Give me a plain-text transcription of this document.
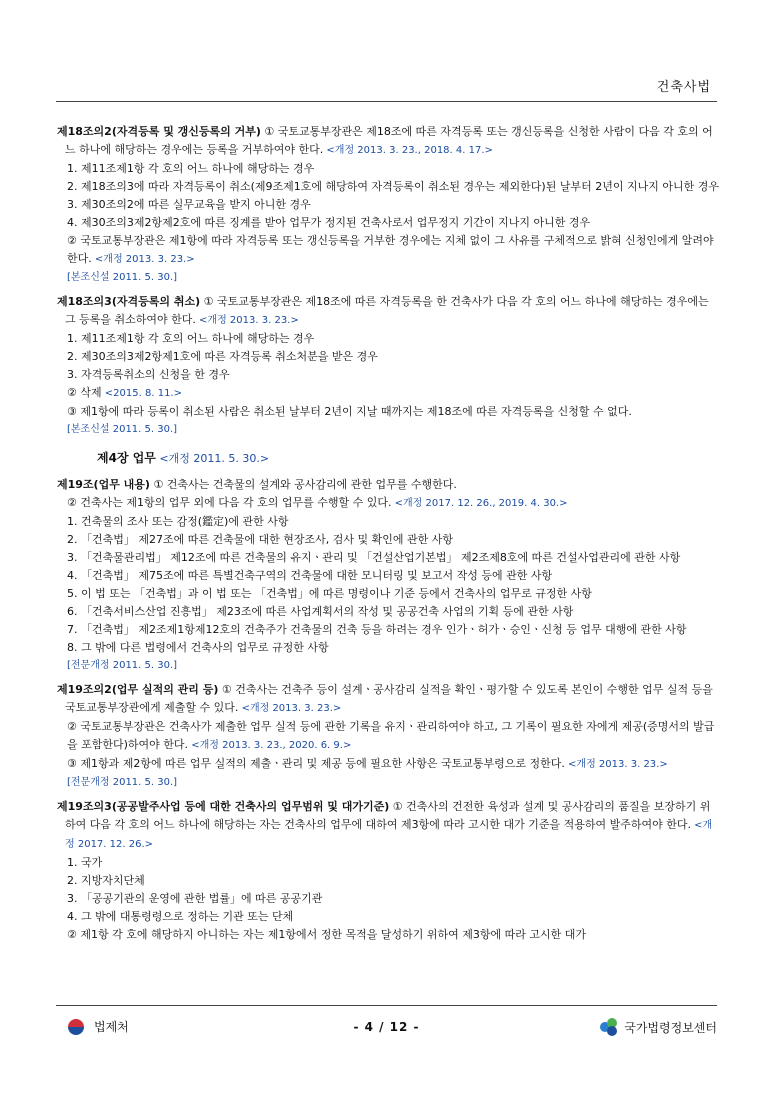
건축사법
제18조의2(자격등록 및 갱신등록의 거부) ① 국토교통부장관은 제18조에 따른 자격등록 또는 갱신등록을 신청한 사람이 다음 각 호의 어느 하나에 해당하는 경우에는 등록을 거부하여야 한다. <개정 2013. 3. 23., 2018. 4. 17.>
1. 제11조제1항 각 호의 어느 하나에 해당하는 경우
2. 제18조의3에 따라 자격등록이 취소(제9조제1호에 해당하여 자격등록이 취소된 경우는 제외한다)된 날부터 2년이 지나지 아니한 경우
3. 제30조의2에 따른 실무교육을 받지 아니한 경우
4. 제30조의3제2항제2호에 따른 징계를 받아 업무가 정지된 건축사로서 업무정지 기간이 지나지 아니한 경우
② 국토교통부장관은 제1항에 따라 자격등록 또는 갱신등록을 거부한 경우에는 지체 없이 그 사유를 구체적으로 밝혀 신청인에게 알려야 한다. <개정 2013. 3. 23.>
[본조신설 2011. 5. 30.]
제18조의3(자격등록의 취소) ① 국토교통부장관은 제18조에 따른 자격등록을 한 건축사가 다음 각 호의 어느 하나에 해당하는 경우에는 그 등록을 취소하여야 한다. <개정 2013. 3. 23.>
1. 제11조제1항 각 호의 어느 하나에 해당하는 경우
2. 제30조의3제2항제1호에 따른 자격등록 취소처분을 받은 경우
3. 자격등록취소의 신청을 한 경우
② 삭제 <2015. 8. 11.>
③ 제1항에 따라 등록이 취소된 사람은 취소된 날부터 2년이 지날 때까지는 제18조에 따른 자격등록을 신청할 수 없다.
[본조신설 2011. 5. 30.]
제4장 업무 <개정 2011. 5. 30.>
제19조(업무 내용) ① 건축사는 건축물의 설계와 공사감리에 관한 업무를 수행한다.
② 건축사는 제1항의 업무 외에 다음 각 호의 업무를 수행할 수 있다. <개정 2017. 12. 26., 2019. 4. 30.>
1. 건축물의 조사 또는 감정(鑑定)에 관한 사항
2. 「건축법」 제27조에 따른 건축물에 대한 현장조사, 검사 및 확인에 관한 사항
3. 「건축물관리법」 제12조에 따른 건축물의 유지ㆍ관리 및 「건설산업기본법」 제2조제8호에 따른 건설사업관리에 관한 사항
4. 「건축법」 제75조에 따른 특별건축구역의 건축물에 대한 모니터링 및 보고서 작성 등에 관한 사항
5. 이 법 또는 「건축법」과 이 법 또는 「건축법」에 따른 명령이나 기준 등에서 건축사의 업무로 규정한 사항
6. 「건축서비스산업 진흥법」 제23조에 따른 사업계획서의 작성 및 공공건축 사업의 기획 등에 관한 사항
7. 「건축법」 제2조제1항제12호의 건축주가 건축물의 건축 등을 하려는 경우 인가ㆍ허가ㆍ승인ㆍ신청 등 업무 대행에 관한 사항
8. 그 밖에 다른 법령에서 건축사의 업무로 규정한 사항
[전문개정 2011. 5. 30.]
제19조의2(업무 실적의 관리 등) ① 건축사는 건축주 등이 설계ㆍ공사감리 실적을 확인ㆍ평가할 수 있도록 본인이 수행한 업무 실적 등을 국토교통부장관에게 제출할 수 있다. <개정 2013. 3. 23.>
② 국토교통부장관은 건축사가 제출한 업무 실적 등에 관한 기록을 유지ㆍ관리하여야 하고, 그 기록이 필요한 자에게 제공(증명서의 발급을 포함한다)하여야 한다. <개정 2013. 3. 23., 2020. 6. 9.>
③ 제1항과 제2항에 따른 업무 실적의 제출ㆍ관리 및 제공 등에 필요한 사항은 국토교통부령으로 정한다. <개정 2013. 3. 23.>
[전문개정 2011. 5. 30.]
제19조의3(공공발주사업 등에 대한 건축사의 업무범위 및 대가기준) ① 건축사의 건전한 육성과 설계 및 공사감리의 품질을 보장하기 위하여 다음 각 호의 어느 하나에 해당하는 자는 건축사의 업무에 대하여 제3항에 따라 고시한 대가 기준을 적용하여 발주하여야 한다. <개정 2017. 12. 26.>
1. 국가
2. 지방자치단체
3. 「공공기관의 운영에 관한 법률」에 따른 공공기관
4. 그 밖에 대통령령으로 정하는 기관 또는 단체
② 제1항 각 호에 해당하지 아니하는 자는 제1항에서 정한 목적을 달성하기 위하여 제3항에 따라 고시한 대가
법제처	- 4 / 12 -	국가법령정보센터
